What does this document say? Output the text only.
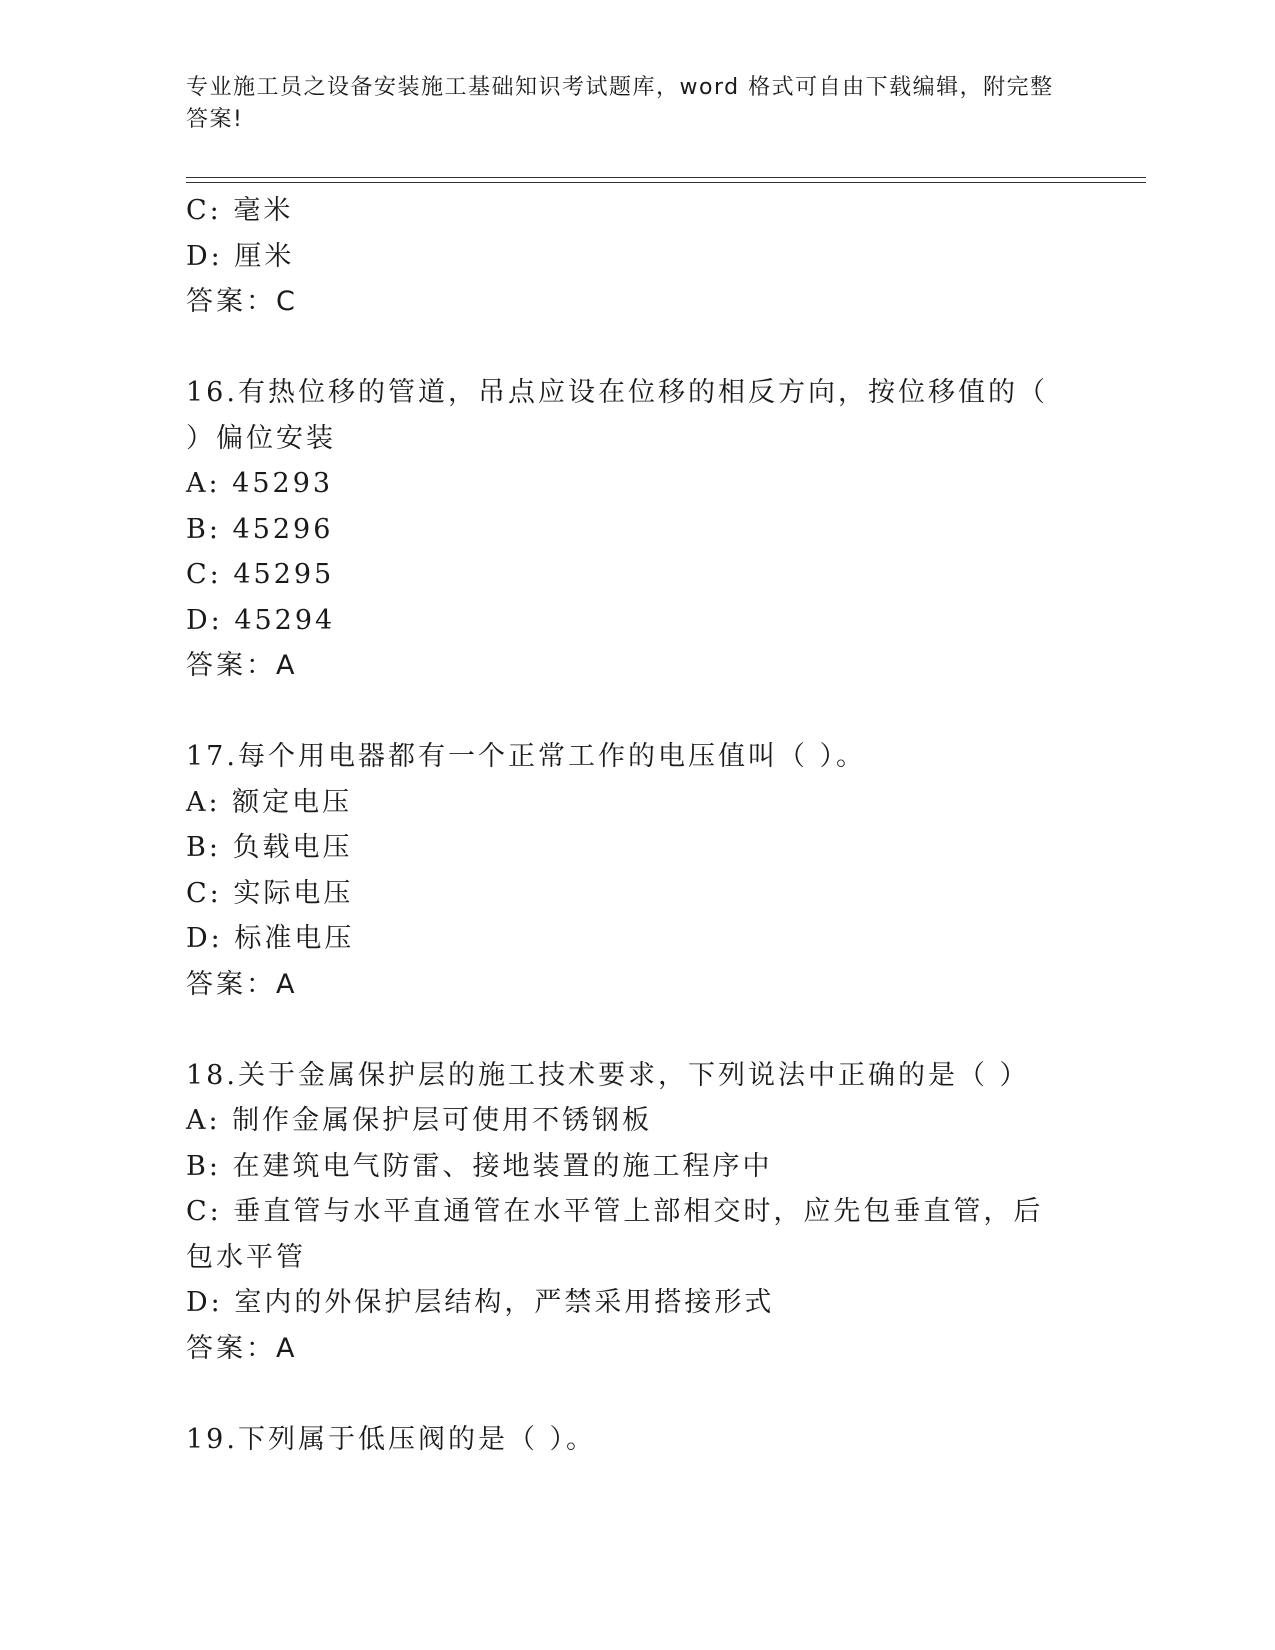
专业施工员之设备安装施工基础知识考试题库，word 格式可自由下载编辑，附完整答案!
C: 毫米
D: 厘米
答案：C
16.有热位移的管道，吊点应设在位移的相反方向，按位移值的（ ）偏位安装
A: 45293
B: 45296
C: 45295
D: 45294
答案：A
17.每个用电器都有一个正常工作的电压值叫（ ）。
A: 额定电压
B: 负载电压
C: 实际电压
D: 标准电压
答案：A
18.关于金属保护层的施工技术要求，下列说法中正确的是（ ）
A: 制作金属保护层可使用不锈钢板
B: 在建筑电气防雷、接地装置的施工程序中
C: 垂直管与水平直通管在水平管上部相交时，应先包垂直管，后包水平管
D: 室内的外保护层结构，严禁采用搭接形式
答案：A
19.下列属于低压阀的是（ ）。
